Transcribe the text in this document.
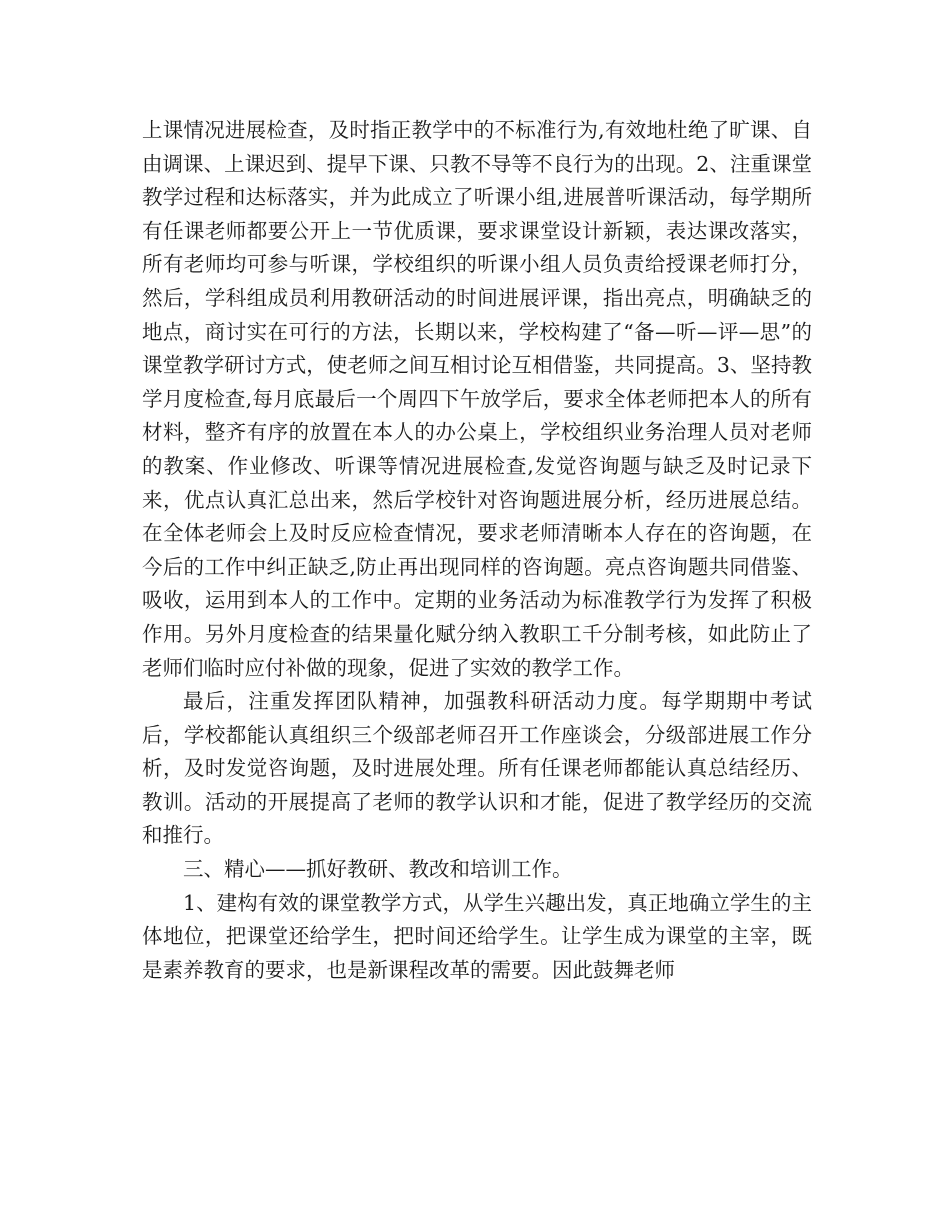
上课情况进展检查，及时指正教学中的不标准行为,有效地杜绝了旷课、自由调课、上课迟到、提早下课、只教不导等不良行为的出现。2、注重课堂教学过程和达标落实，并为此成立了听课小组,进展普听课活动，每学期所有任课老师都要公开上一节优质课，要求课堂设计新颖，表达课改落实，所有老师均可参与听课，学校组织的听课小组人员负责给授课老师打分，然后，学科组成员利用教研活动的时间进展评课，指出亮点，明确缺乏的地点，商讨实在可行的方法，长期以来，学校构建了“备—听—评—思”的课堂教学研讨方式，使老师之间互相讨论互相借鉴，共同提高。3、坚持教学月度检查,每月底最后一个周四下午放学后，要求全体老师把本人的所有材料，整齐有序的放置在本人的办公桌上，学校组织业务治理人员对老师的教案、作业修改、听课等情况进展检查,发觉咨询题与缺乏及时记录下来，优点认真汇总出来，然后学校针对咨询题进展分析，经历进展总结。在全体老师会上及时反应检查情况，要求老师清晰本人存在的咨询题，在今后的工作中纠正缺乏,防止再出现同样的咨询题。亮点咨询题共同借鉴、吸收，运用到本人的工作中。定期的业务活动为标准教学行为发挥了积极作用。另外月度检查的结果量化赋分纳入教职工千分制考核，如此防止了老师们临时应付补做的现象，促进了实效的教学工作。

最后，注重发挥团队精神，加强教科研活动力度。每学期期中考试后，学校都能认真组织三个级部老师召开工作座谈会，分级部进展工作分析，及时发觉咨询题，及时进展处理。所有任课老师都能认真总结经历、教训。活动的开展提高了老师的教学认识和才能，促进了教学经历的交流和推行。

三、精心——抓好教研、教改和培训工作。

1、建构有效的课堂教学方式，从学生兴趣出发，真正地确立学生的主体地位，把课堂还给学生，把时间还给学生。让学生成为课堂的主宰，既是素养教育的要求，也是新课程改革的需要。因此鼓舞老师
